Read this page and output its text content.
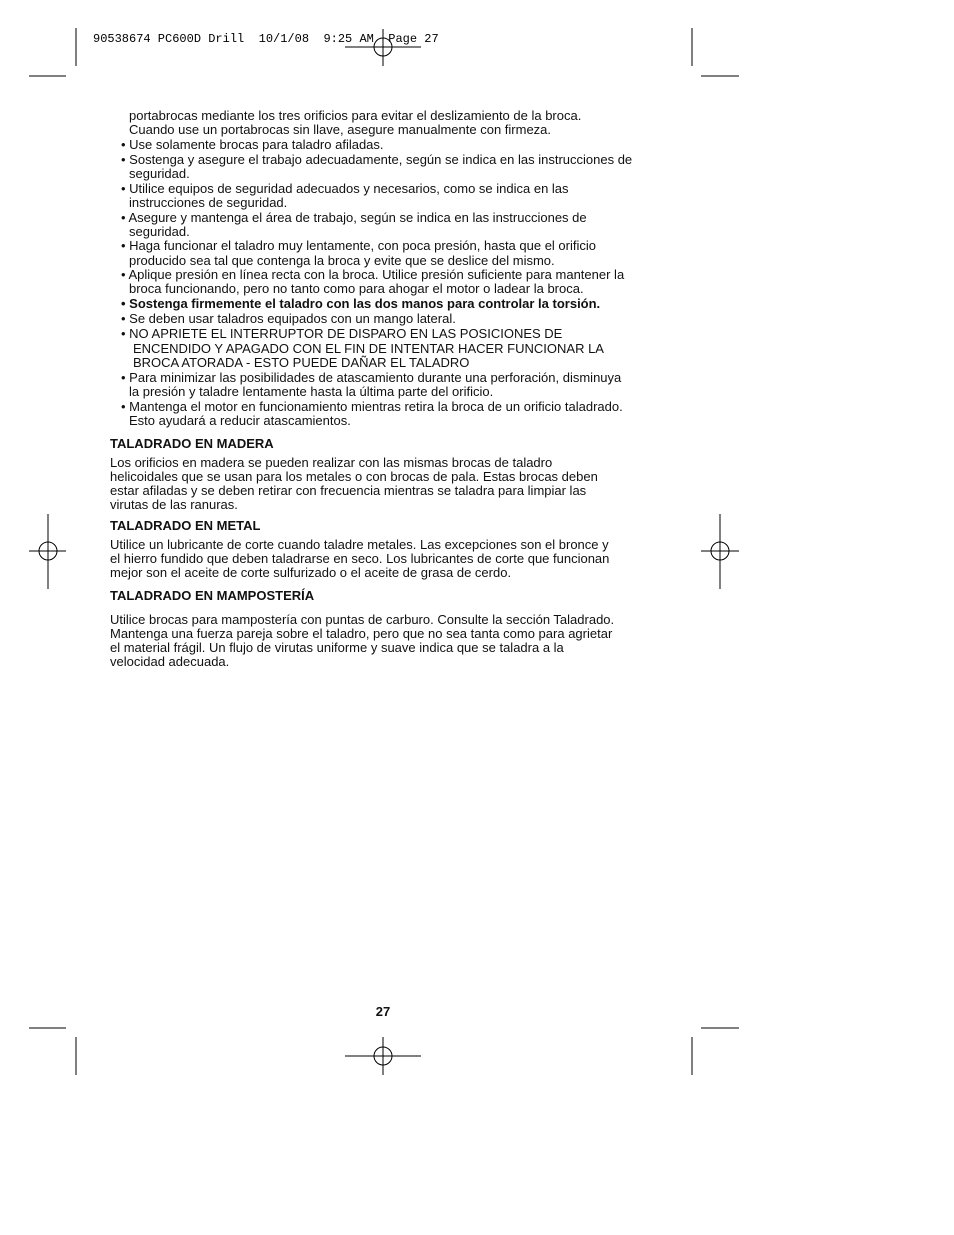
90538674 PC600D Drill  10/1/08  9:25 AM  Page 27

portabrocas mediante los tres orificios para evitar el deslizamiento de la broca.

Cuando use un portabrocas sin llave, asegure manualmente con firmeza.

• Use solamente brocas para taladro afiladas.

• Sostenga y asegure el trabajo adecuadamente, según se indica en las instrucciones de

seguridad.

• Utilice equipos de seguridad adecuados y necesarios, como se indica en las

instrucciones de seguridad.

• Asegure y mantenga el área de trabajo, según se indica en las instrucciones de

seguridad.

• Haga funcionar el taladro muy lentamente, con poca presión, hasta que el orificio

producido sea tal que contenga la broca y evite que se deslice del mismo.

• Aplique presión en línea recta con la broca. Utilice presión suficiente para mantener la

broca funcionando, pero no tanto como para ahogar el motor o ladear la broca.

• Sostenga firmemente el taladro con las dos manos para controlar la torsión.

• Se deben usar taladros equipados con un mango lateral.

• NO APRIETE EL INTERRUPTOR DE DISPARO EN LAS POSICIONES DE

ENCENDIDO Y APAGADO CON EL FIN DE INTENTAR HACER FUNCIONAR LA

BROCA ATORADA - ESTO PUEDE DAÑAR EL TALADRO

• Para minimizar las posibilidades de atascamiento durante una perforación, disminuya

la presión y taladre lentamente hasta la última parte del orificio.

• Mantenga el motor en funcionamiento mientras retira la broca de un orificio taladrado.

Esto ayudará a reducir atascamientos.

TALADRADO EN MADERA

Los orificios en madera se pueden realizar con las mismas brocas de taladro

helicoidales que se usan para los metales o con brocas de pala. Estas brocas deben

estar afiladas y se deben retirar con frecuencia mientras se taladra para limpiar las

virutas de las ranuras.

TALADRADO EN METAL

Utilice un lubricante de corte cuando taladre metales. Las excepciones son el bronce y

el hierro fundido que deben taladrarse en seco. Los lubricantes de corte que funcionan

mejor son el aceite de corte sulfurizado o el aceite de grasa de cerdo.

TALADRADO EN MAMPOSTERÍA

Utilice brocas para mampostería con puntas de carburo. Consulte la sección Taladrado.

Mantenga una fuerza pareja sobre el taladro, pero que no sea tanta como para agrietar

el material frágil. Un flujo de virutas uniforme y suave indica que se taladra a la

velocidad adecuada.

27
